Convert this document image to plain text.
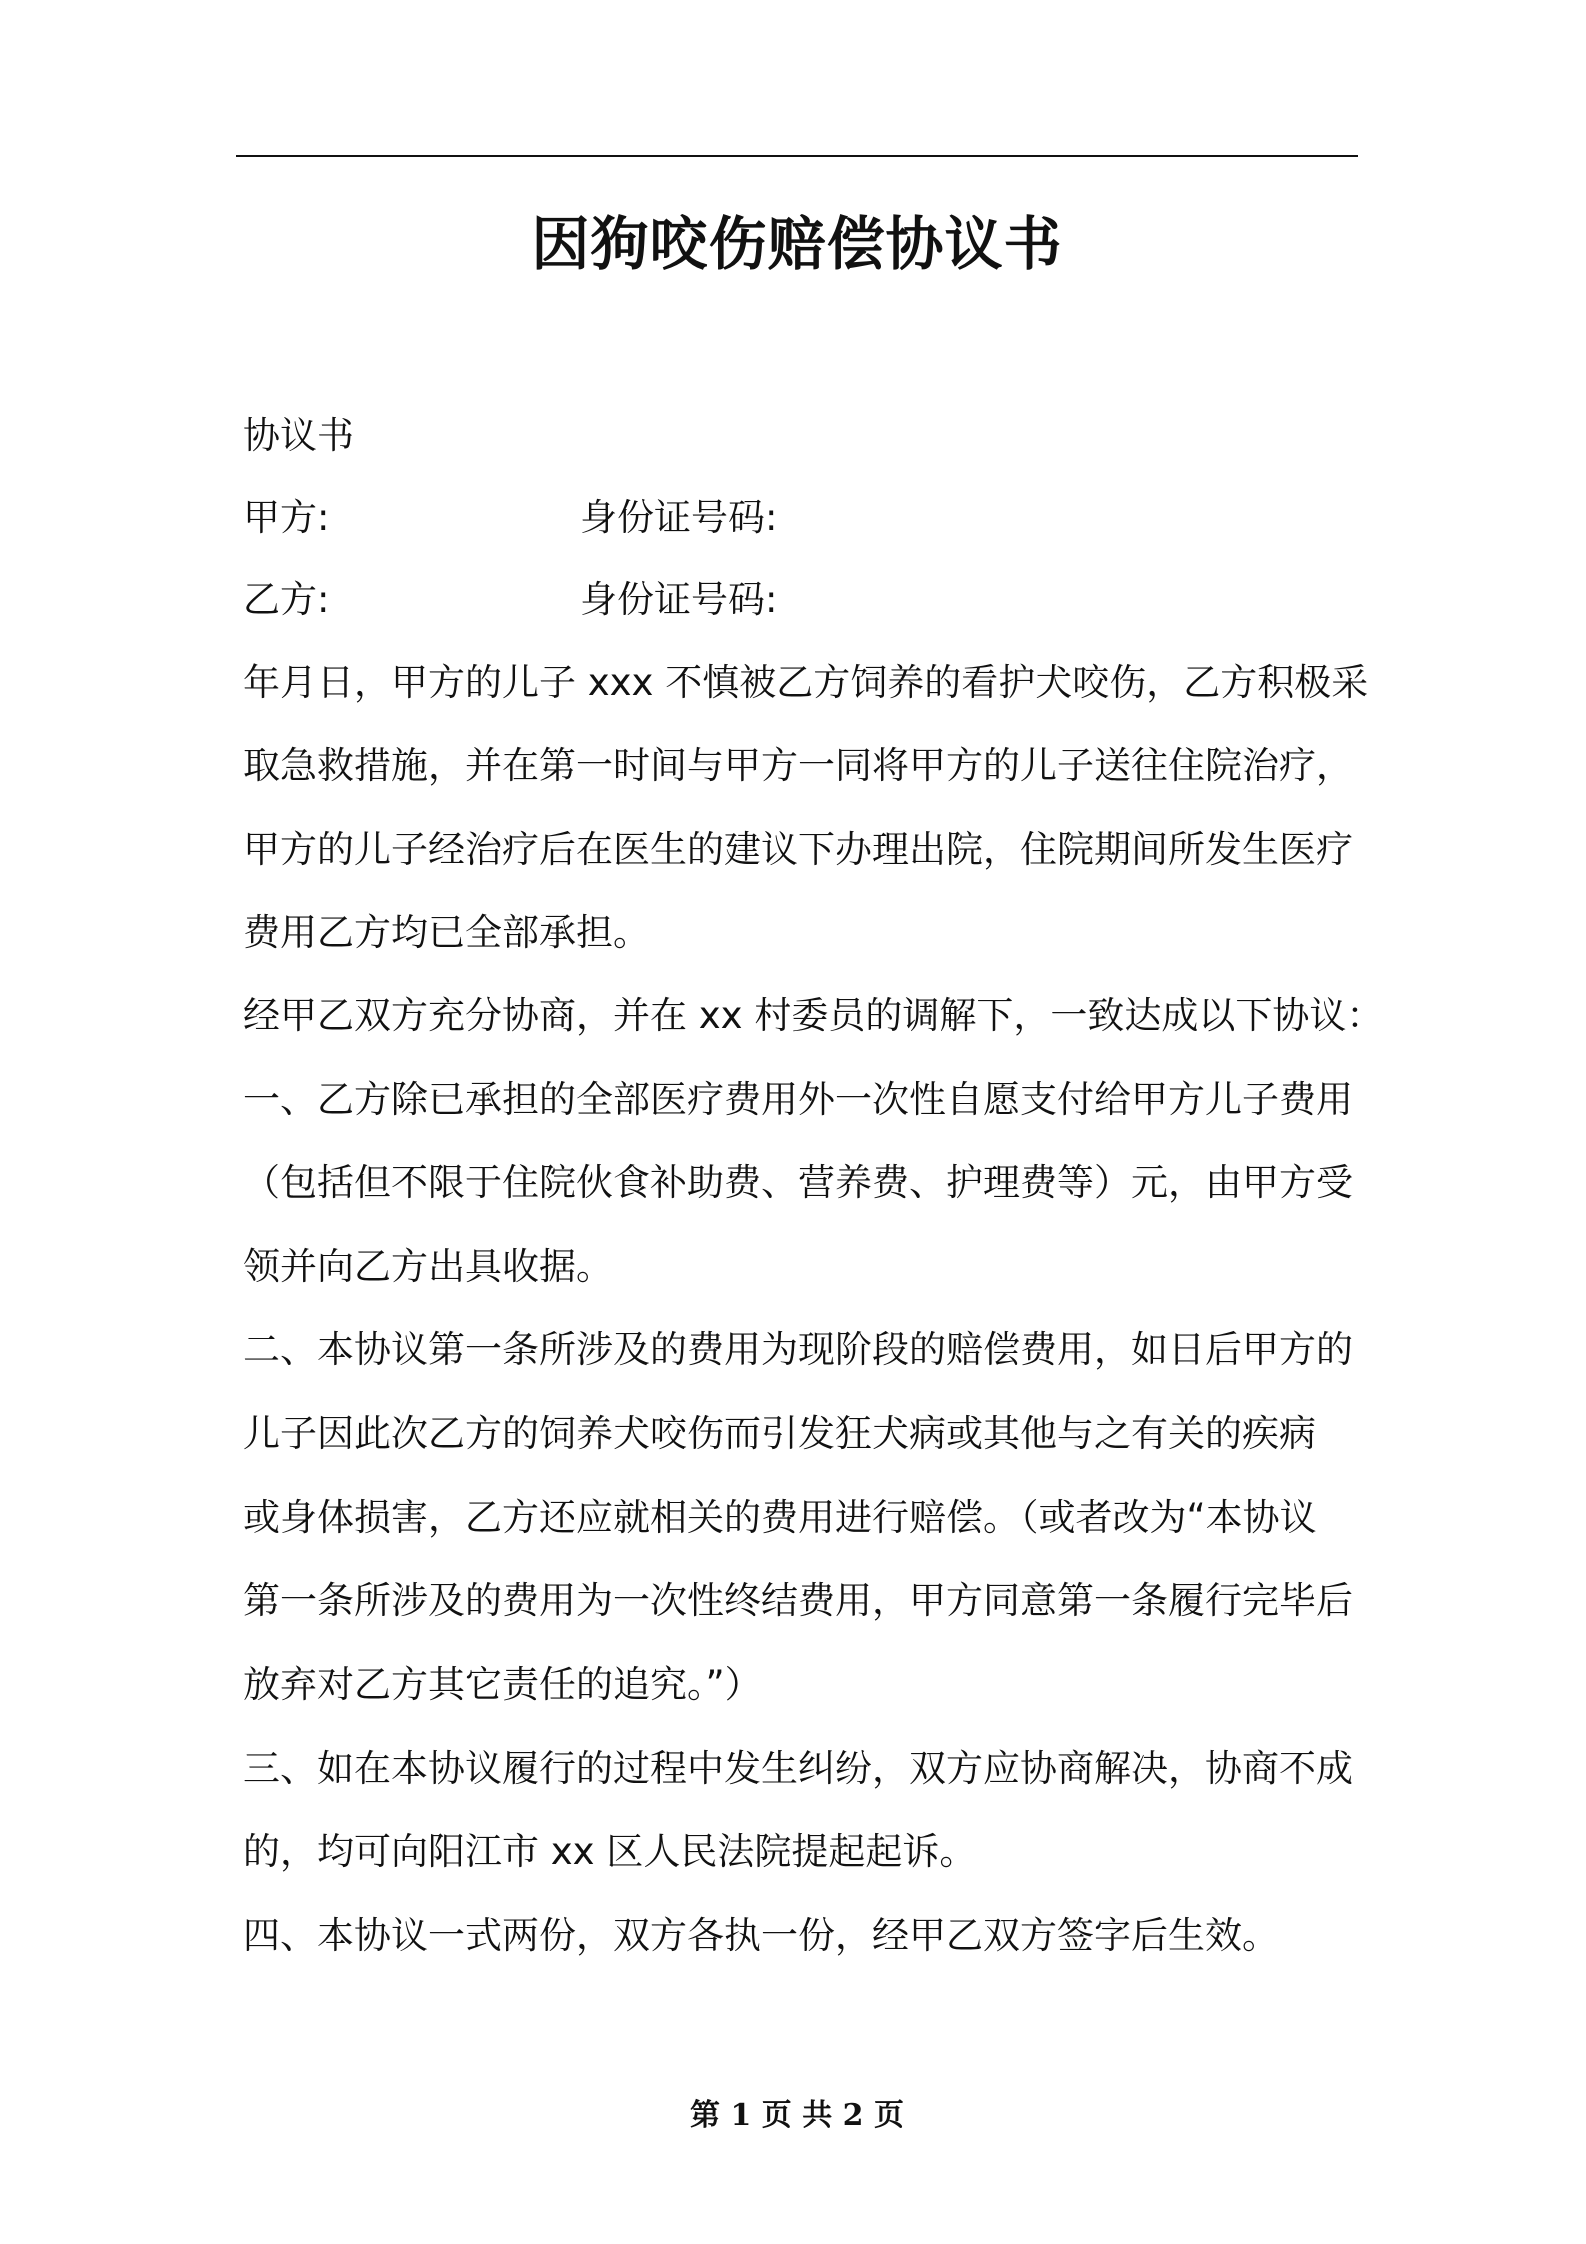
因狗咬伤赔偿协议书
协议书
甲方:	身份证号码:
乙方:	身份证号码:
年月日，甲方的儿子 xxx 不慎被乙方饲养的看护犬咬伤，乙方积极采
取急救措施，并在第一时间与甲方一同将甲方的儿子送往住院治疗，
甲方的儿子经治疗后在医生的建议下办理出院，住院期间所发生医疗
费用乙方均已全部承担。
经甲乙双方充分协商，并在 xx 村委员的调解下，一致达成以下协议：
一、乙方除已承担的全部医疗费用外一次性自愿支付给甲方儿子费用
（包括但不限于住院伙食补助费、营养费、护理费等）元，由甲方受
领并向乙方出具收据。
二、本协议第一条所涉及的费用为现阶段的赔偿费用，如日后甲方的
儿子因此次乙方的饲养犬咬伤而引发狂犬病或其他与之有关的疾病
或身体损害，乙方还应就相关的费用进行赔偿。（或者改为“本协议
第一条所涉及的费用为一次性终结费用，甲方同意第一条履行完毕后
放弃对乙方其它责任的追究。”）
三、如在本协议履行的过程中发生纠纷，双方应协商解决，协商不成
的，均可向阳江市 xx 区人民法院提起起诉。
四、本协议一式两份，双方各执一份，经甲乙双方签字后生效。
第 1 页 共 2 页
